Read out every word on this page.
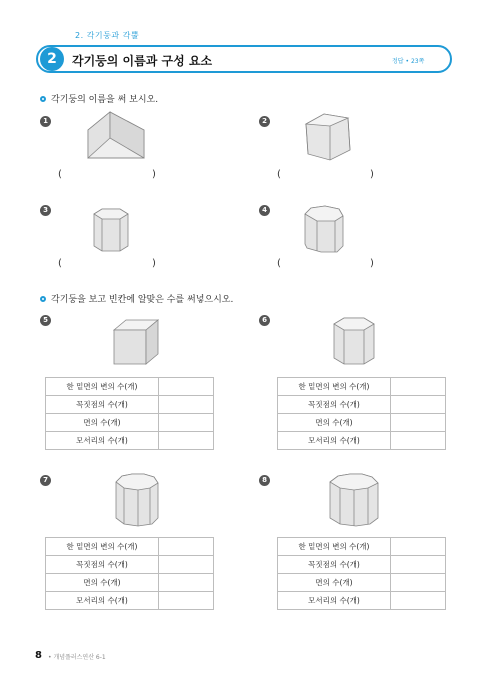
2. 각기둥과 각뿔
2	각기둥의 이름과 구성 요소	정답 • 23쪽
각기둥의 이름을 써 보시오.
1
(	)
2
(	)
3
(	)
4
(	)
각기둥을 보고 빈칸에 알맞은 수를 써넣으시오.
5
한 밑면의 변의 수(개)	
꼭짓점의 수(개)	
면의 수(개)	
모서리의 수(개)	
6
한 밑면의 변의 수(개)	
꼭짓점의 수(개)	
면의 수(개)	
모서리의 수(개)	
7
한 밑면의 변의 수(개)	
꼭짓점의 수(개)	
면의 수(개)	
모서리의 수(개)	
8
한 밑면의 변의 수(개)	
꼭짓점의 수(개)	
면의 수(개)	
모서리의 수(개)	
8 • 개념플러스연산 6-1
